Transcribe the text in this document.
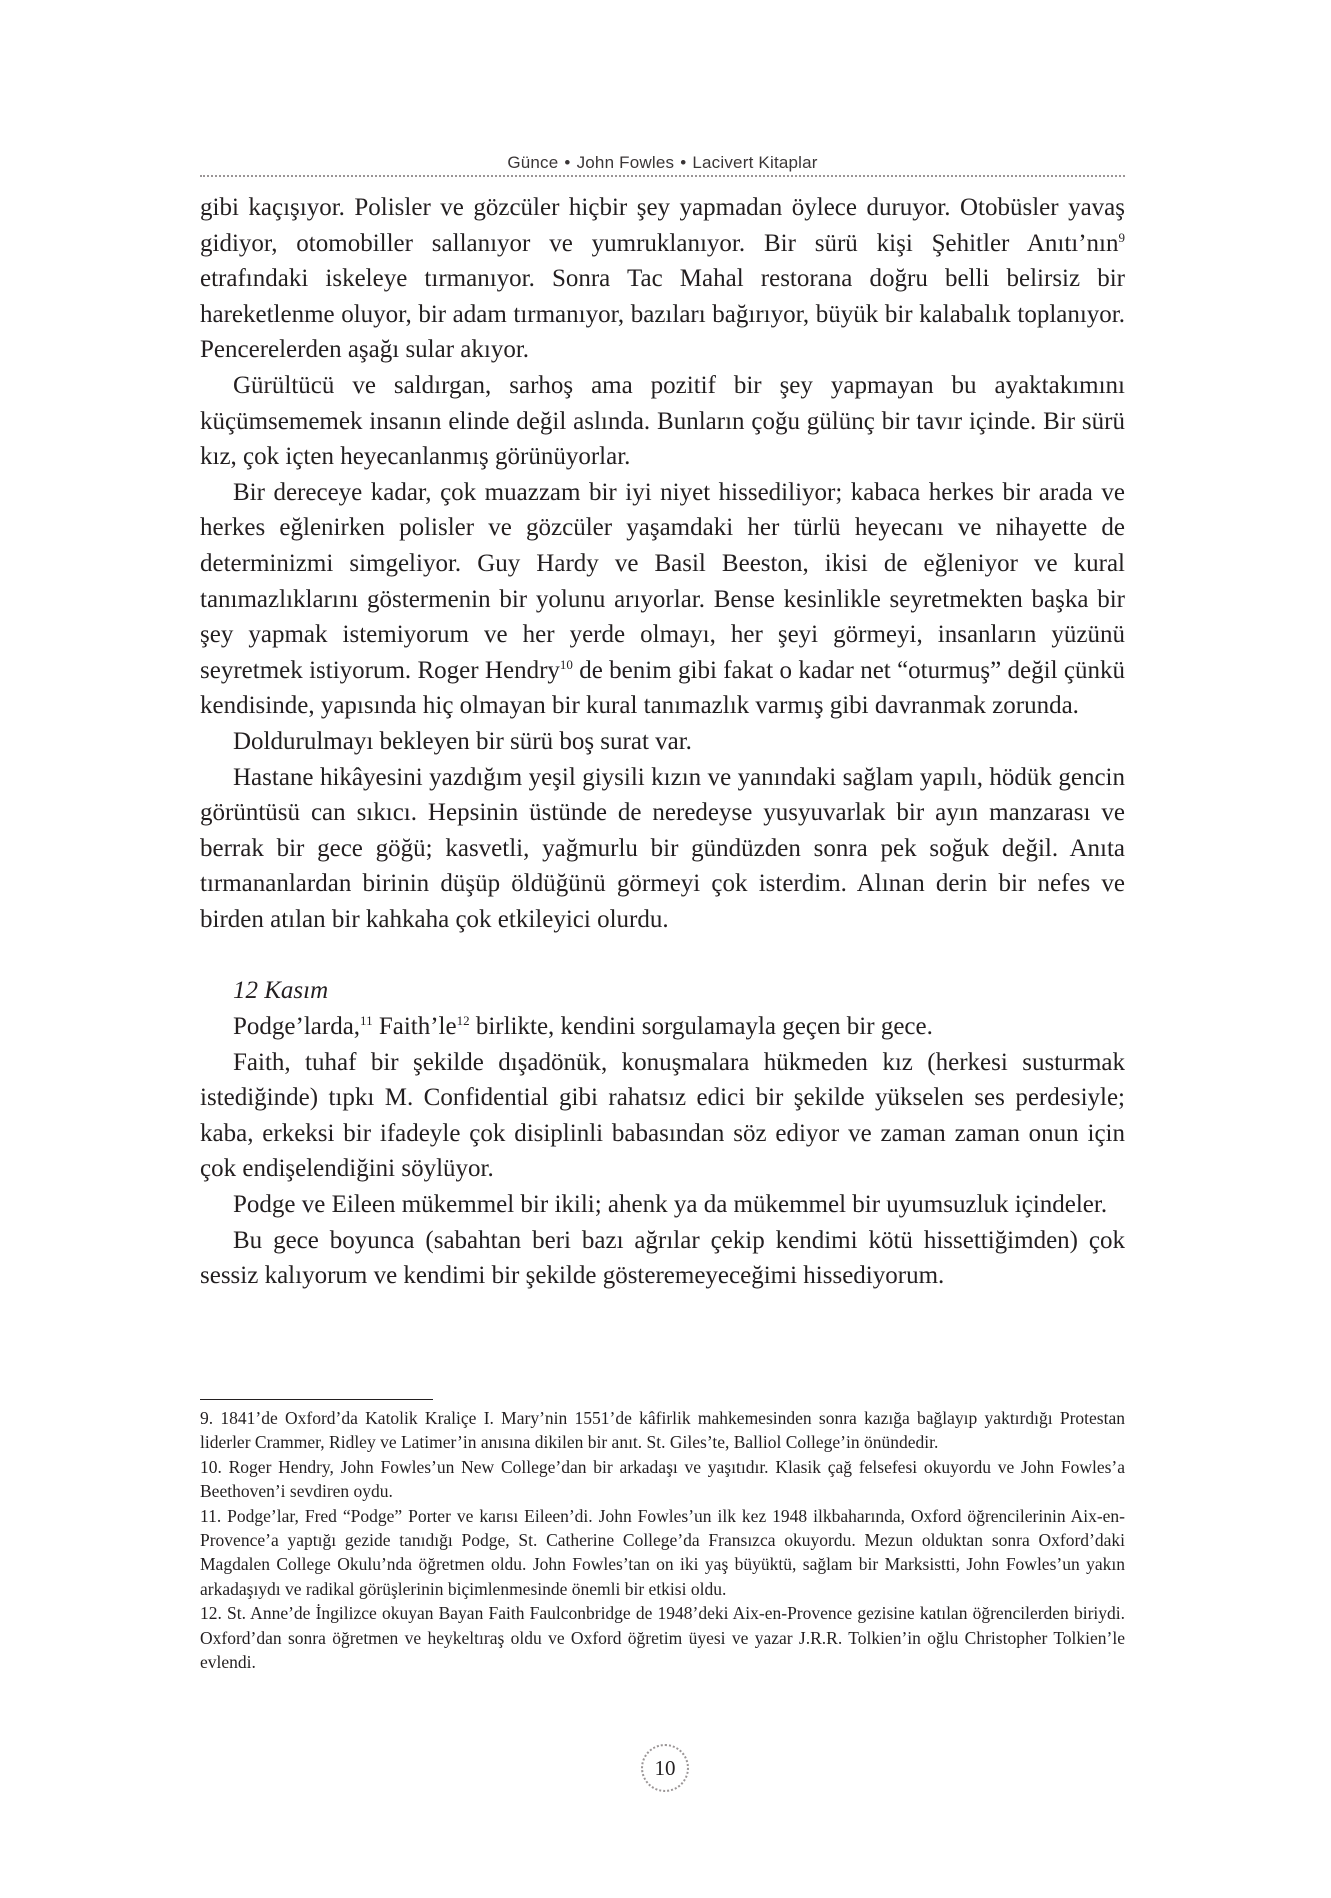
Günce • John Fowles • Lacivert Kitaplar

gibi kaçışıyor. Polisler ve gözcüler hiçbir şey yapmadan öylece duruyor. Otobüsler yavaş gidiyor, otomobiller sallanıyor ve yumruklanıyor. Bir sürü kişi Şehitler Anıtı’nın$^9$ etrafındaki iskeleye tırmanıyor. Sonra Tac Mahal restorana doğru belli belirsiz bir hareketlenme oluyor, bir adam tırmanıyor, bazıları bağırıyor, büyük bir kalabalık toplanıyor. Pencerelerden aşağı sular akıyor.

Gürültücü ve saldırgan, sarhoş ama pozitif bir şey yapmayan bu ayaktakımını küçümsememek insanın elinde değil aslında. Bunların çoğu gülünç bir tavır içinde. Bir sürü kız, çok içten heyecanlanmış görünüyorlar.

Bir dereceye kadar, çok muazzam bir iyi niyet hissediliyor; kabaca herkes bir arada ve herkes eğlenirken polisler ve gözcüler yaşamdaki her türlü heyecanı ve nihayette de determinizmi simgeliyor. Guy Hardy ve Basil Beeston, ikisi de eğleniyor ve kural tanımazlıklarını göstermenin bir yolunu arıyorlar. Bense kesinlikle seyretmekten başka bir şey yapmak istemiyorum ve her yerde olmayı, her şeyi görmeyi, insanların yüzünü seyretmek istiyorum. Roger Hendry$^{10}$ de benim gibi fakat o kadar net “oturmuş” değil çünkü kendisinde, yapısında hiç olmayan bir kural tanımazlık varmış gibi davranmak zorunda.

Doldurulmayı bekleyen bir sürü boş surat var.

Hastane hikâyesini yazdığım yeşil giysili kızın ve yanındaki sağlam yapılı, hödük gencin görüntüsü can sıkıcı. Hepsinin üstünde de neredeyse yusyuvarlak bir ayın manzarası ve berrak bir gece göğü; kasvetli, yağmurlu bir gündüzden sonra pek soğuk değil. Anıta tırmananlardan birinin düşüp öldüğünü görmeyi çok isterdim. Alınan derin bir nefes ve birden atılan bir kahkaha çok etkileyici olurdu.

12 Kasım

Podge’larda,$^{11}$ $Faith’le^{12}$ birlikte, kendini sorgulamayla geçen bir gece.

Faith, tuhaf bir şekilde dışadönük, konuşmalara hükmeden kız (herkesi susturmak istediğinde) tıpkı M. Confidential gibi rahatsız edici bir şekilde yükselen ses perdesiyle; kaba, erkeksi bir ifadeyle çok disiplinli babasından söz ediyor ve zaman zaman onun için çok endişelendiğini söylüyor.

Podge ve Eileen mükemmel bir ikili; ahenk ya da mükemmel bir uyumsuzluk içindeler.

Bu gece boyunca (sabahtan beri bazı ağrılar çekip kendimi kötü hissettiğimden) çok sessiz kalıyorum ve kendimi bir şekilde gösteremeyeceğimi hissediyorum.

9. 1841’de Oxford’da Katolik Kraliçe I. Mary’nin 1551’de kâfirlik mahkemesinden sonra kazığa bağlayıp yaktırdığı Protestan liderler Crammer, Ridley ve Latimer’in anısına dikilen bir anıt. St. Giles’te, Balliol College’in önündedir.

10. Roger Hendry, John Fowles’un New College’dan bir arkadaşı ve yaşıtıdır. Klasik çağ felsefesi okuyordu ve John Fowles’a Beethoven’i sevdiren oydu.

11. Podge’lar, Fred “Podge” Porter ve karısı Eileen’di. John Fowles’un ilk kez 1948 ilkbaharında, Oxford öğrencilerinin Aix-en-Provence’a yaptığı gezide tanıdığı Podge, St. Catherine College’da Fransızca okuyordu. Mezun olduktan sonra Oxford’daki Magdalen College Okulu’nda öğretmen oldu. John Fowles’tan on iki yaş büyüktü, sağlam bir Marksistti, John Fowles’un yakın arkadaşıydı ve radikal görüşlerinin biçimlenmesinde önemli bir etkisi oldu.

12. St. Anne’de İngilizce okuyan Bayan Faith Faulconbridge de 1948’deki Aix-en-Provence gezisine katılan öğrencilerden biriydi. Oxford’dan sonra öğretmen ve heykeltıraş oldu ve Oxford öğretim üyesi ve yazar J.R.R. Tolkien’in oğlu Christopher Tolkien’le evlendi.

10
